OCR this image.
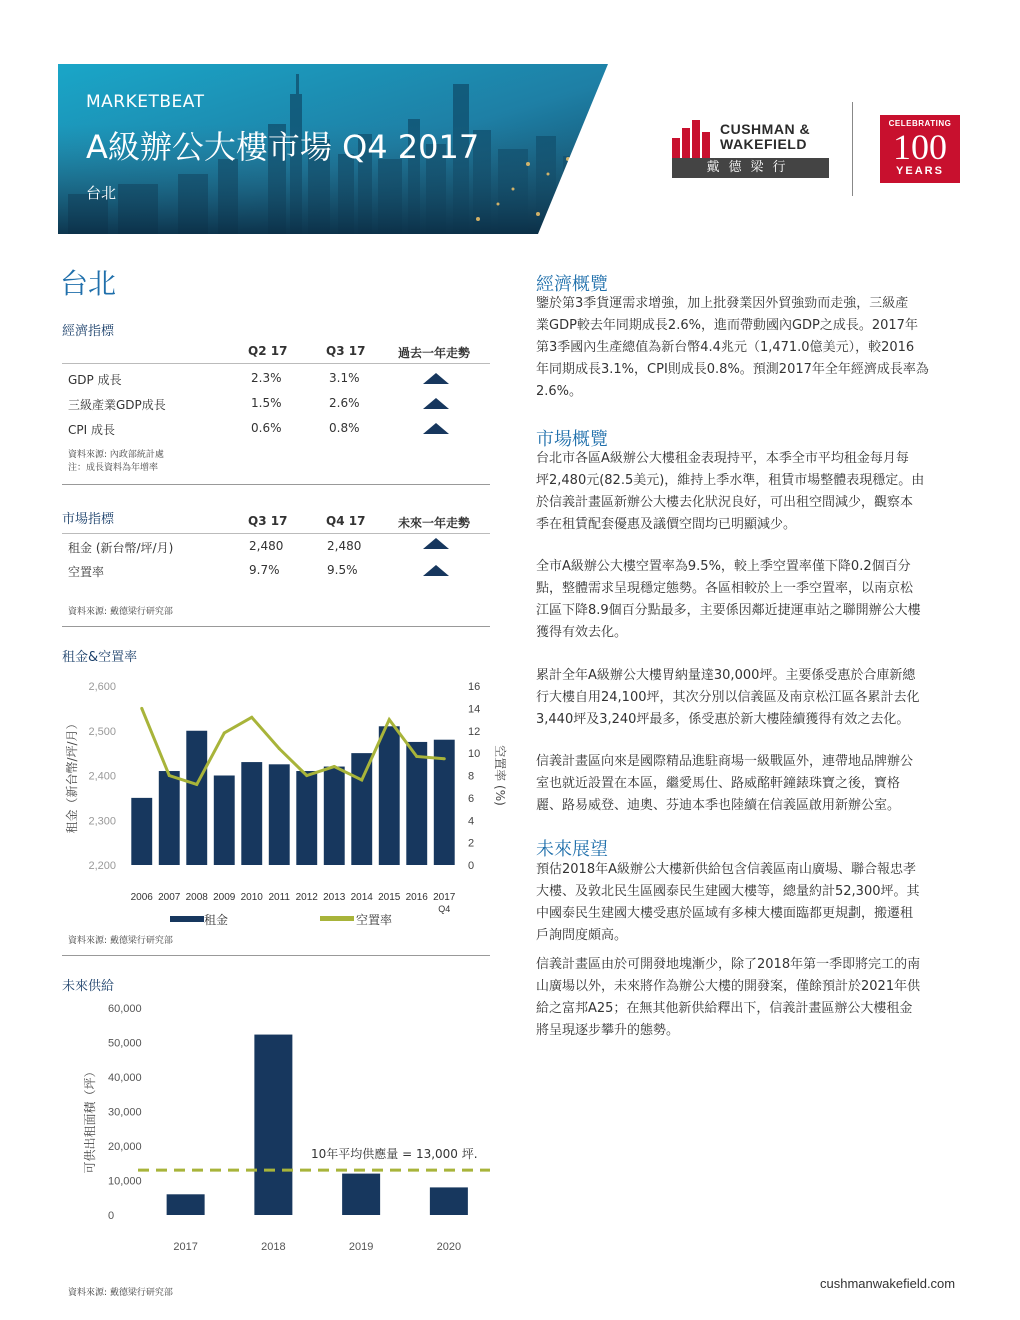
MARKETBEAT
A級辦公大樓市場 Q4 2017
台北
CUSHMAN &
WAKEFIELD
戴德梁行
CELEBRATING
100
YEARS
台北
經濟指標
Q2 17	Q3 17	過去一年走勢
GDP 成長	2.3%	3.1%
三級產業GDP成長	1.5%	2.6%
CPI 成長	0.6%	0.8%
資料來源: 內政部統計處
注：成長資料為年增率
市場指標	Q3 17	Q4 17	未來一年走勢
租金 (新台幣/坪/月)	2,480	2,480
空置率	9.7%	9.5%
資料來源: 戴德梁行研究部
租金&空置率
2,600
2,500
2,400
2,300
2,200
16
14
12
10
8
6
4
2
0
租金（新台幣/坪/月）	空置率 (%)
2006 2007 2008 2009 2010 2011 2012 2013 2014 2015 2016 2017
Q4
租金	空置率
資料來源: 戴德梁行研究部
未來供給
60,000
50,000
40,000
30,000
20,000
10,000
0
可供出租面積（坪）
2017	2018	2019	2020
10年平均供應量 = 13,000 坪.
資料來源: 戴德梁行研究部
經濟概覽
鑒於第3季貨運需求增強，加上批發業因外貿強勁而走強，三級產
業GDP較去年同期成長2.6%，進而帶動國內GDP之成長。2017年
第3季國內生產總值為新台幣4.4兆元（1,471.0億美元），較2016
年同期成長3.1%，CPI則成長0.8%。預測2017年全年經濟成長率為
2.6%。
市場概覽
台北市各區A級辦公大樓租金表現持平，本季全市平均租金每月每
坪2,480元(82.5美元)，維持上季水準，租賃市場整體表現穩定。由
於信義計畫區新辦公大樓去化狀況良好，可出租空間減少，觀察本
季在租賃配套優惠及議價空間均已明顯減少。
全市A級辦公大樓空置率為9.5%，較上季空置率僅下降0.2個百分
點，整體需求呈現穩定態勢。各區相較於上一季空置率，以南京松
江區下降8.9個百分點最多，主要係因鄰近捷運車站之聯開辦公大樓
獲得有效去化。
累計全年A級辦公大樓胃納量達30,000坪。主要係受惠於合庫新總
行大樓自用24,100坪，其次分別以信義區及南京松江區各累計去化
3,440坪及3,240坪最多，係受惠於新大樓陸續獲得有效之去化。
信義計畫區向來是國際精品進駐商場一級戰區外，連帶地品牌辦公
室也就近設置在本區，繼愛馬仕、路威酩軒鐘錶珠寶之後，寶格
麗、路易威登、迪奧、芬迪本季也陸續在信義區啟用新辦公室。
未來展望
預估2018年A級辦公大樓新供給包含信義區南山廣場、聯合報忠孝
大樓、及敦北民生區國泰民生建國大樓等，總量約計52,300坪。其
中國泰民生建國大樓受惠於區域有多棟大樓面臨都更規劃，搬遷租
戶詢問度頗高。
信義計畫區由於可開發地塊漸少，除了2018年第一季即將完工的南
山廣場以外，未來將作為辦公大樓的開發案，僅餘預計於2021年供
給之富邦A25；在無其他新供給釋出下，信義計畫區辦公大樓租金
將呈現逐步攀升的態勢。
cushmanwakefield.com
